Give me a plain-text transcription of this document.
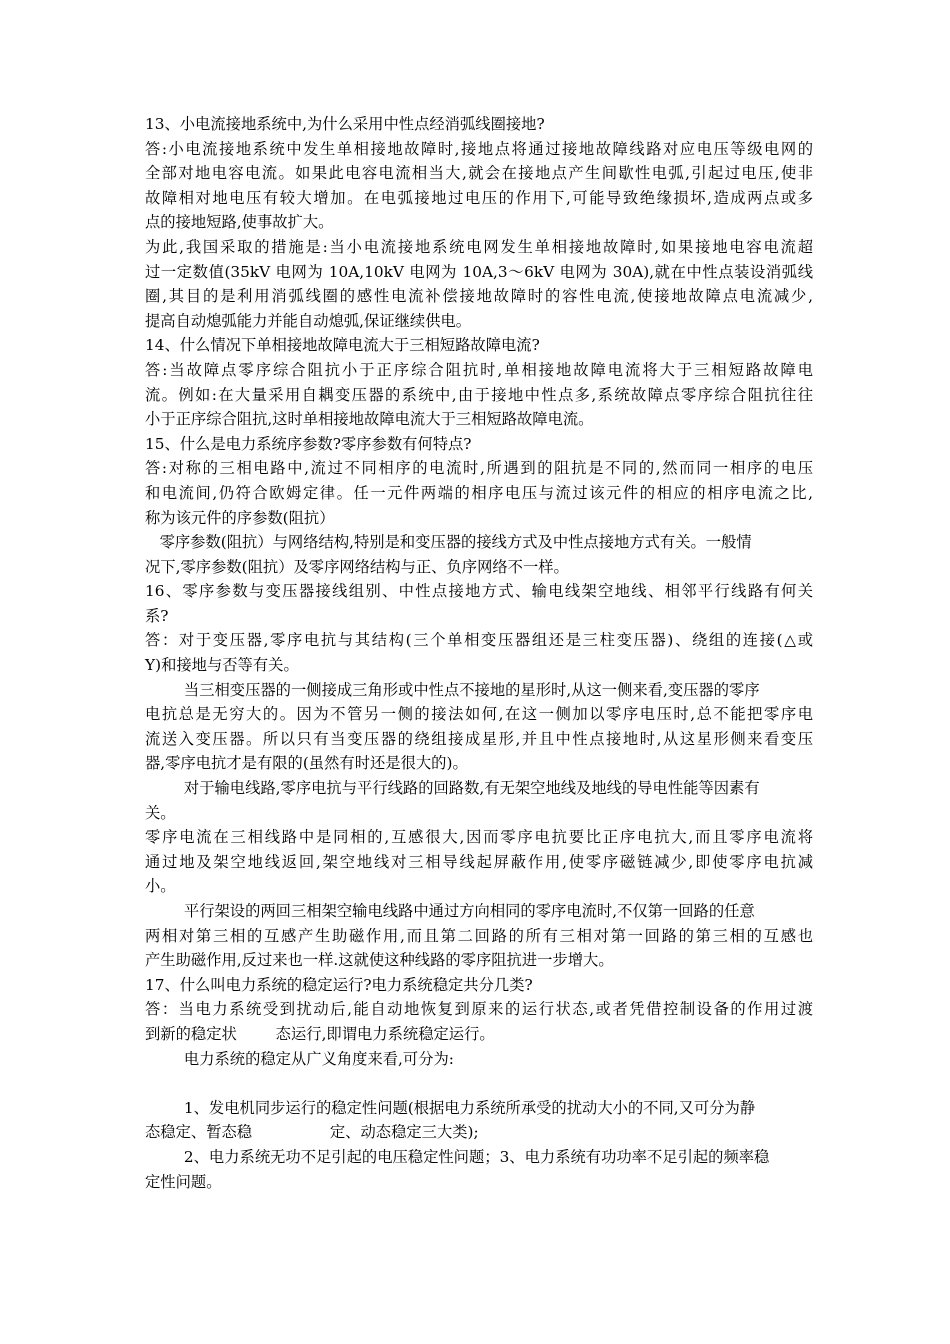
13、小电流接地系统中,为什么采用中性点经消弧线圈接地?
答:小电流接地系统中发生单相接地故障时,接地点将通过接地故障线路对应电压等级电网的
全部对地电容电流。如果此电容电流相当大,就会在接地点产生间歇性电弧,引起过电压,使非
故障相对地电压有较大增加。在电弧接地过电压的作用下,可能导致绝缘损坏,造成两点或多
点的接地短路,使事故扩大。
为此,我国采取的措施是:当小电流接地系统电网发生单相接地故障时,如果接地电容电流超
过一定数值(35kV 电网为 10A,10kV 电网为 10A,3～6kV 电网为 30A),就在中性点装设消弧线
圈,其目的是利用消弧线圈的感性电流补偿接地故障时的容性电流,使接地故障点电流减少,
提高自动熄弧能力并能自动熄弧,保证继续供电。
14、什么情况下单相接地故障电流大于三相短路故障电流?
答:当故障点零序综合阻抗小于正序综合阻抗时,单相接地故障电流将大于三相短路故障电
流。例如:在大量采用自耦变压器的系统中,由于接地中性点多,系统故障点零序综合阻抗往往
小于正序综合阻抗,这时单相接地故障电流大于三相短路故障电流。
15、什么是电力系统序参数?零序参数有何特点?
答:对称的三相电路中,流过不同相序的电流时,所遇到的阻抗是不同的,然而同一相序的电压
和电流间,仍符合欧姆定律。任一元件两端的相序电压与流过该元件的相应的相序电流之比,
称为该元件的序参数(阻抗）
零序参数(阻抗）与网络结构,特别是和变压器的接线方式及中性点接地方式有关。一般情
况下,零序参数(阻抗）及零序网络结构与正、负序网络不一样。
16、零序参数与变压器接线组别、中性点接地方式、输电线架空地线、相邻平行线路有何关
系?
答：对于变压器,零序电抗与其结构(三个单相变压器组还是三柱变压器)、绕组的连接(△或
Y)和接地与否等有关。
当三相变压器的一侧接成三角形或中性点不接地的星形时,从这一侧来看,变压器的零序
电抗总是无穷大的。因为不管另一侧的接法如何,在这一侧加以零序电压时,总不能把零序电
流送入变压器。所以只有当变压器的绕组接成星形,并且中性点接地时,从这星形侧来看变压
器,零序电抗才是有限的(虽然有时还是很大的)。
对于输电线路,零序电抗与平行线路的回路数,有无架空地线及地线的导电性能等因素有
关。
零序电流在三相线路中是同相的,互感很大,因而零序电抗要比正序电抗大,而且零序电流将
通过地及架空地线返回,架空地线对三相导线起屏蔽作用,使零序磁链减少,即使零序电抗减
小。
平行架设的两回三相架空输电线路中通过方向相同的零序电流时,不仅第一回路的任意
两相对第三相的互感产生助磁作用,而且第二回路的所有三相对第一回路的第三相的互感也
产生助磁作用,反过来也一样.这就使这种线路的零序阻抗进一步增大。
17、什么叫电力系统的稳定运行?电力系统稳定共分几类?
答：当电力系统受到扰动后,能自动地恢复到原来的运行状态,或者凭借控制设备的作用过渡
到新的稳定状        态运行,即谓电力系统稳定运行。
电力系统的稳定从广义角度来看,可分为:
1、发电机同步运行的稳定性问题(根据电力系统所承受的扰动大小的不同,又可分为静
态稳定、暂态稳                定、动态稳定三大类);
2、电力系统无功不足引起的电压稳定性问题；3、电力系统有功功率不足引起的频率稳
定性问题。
